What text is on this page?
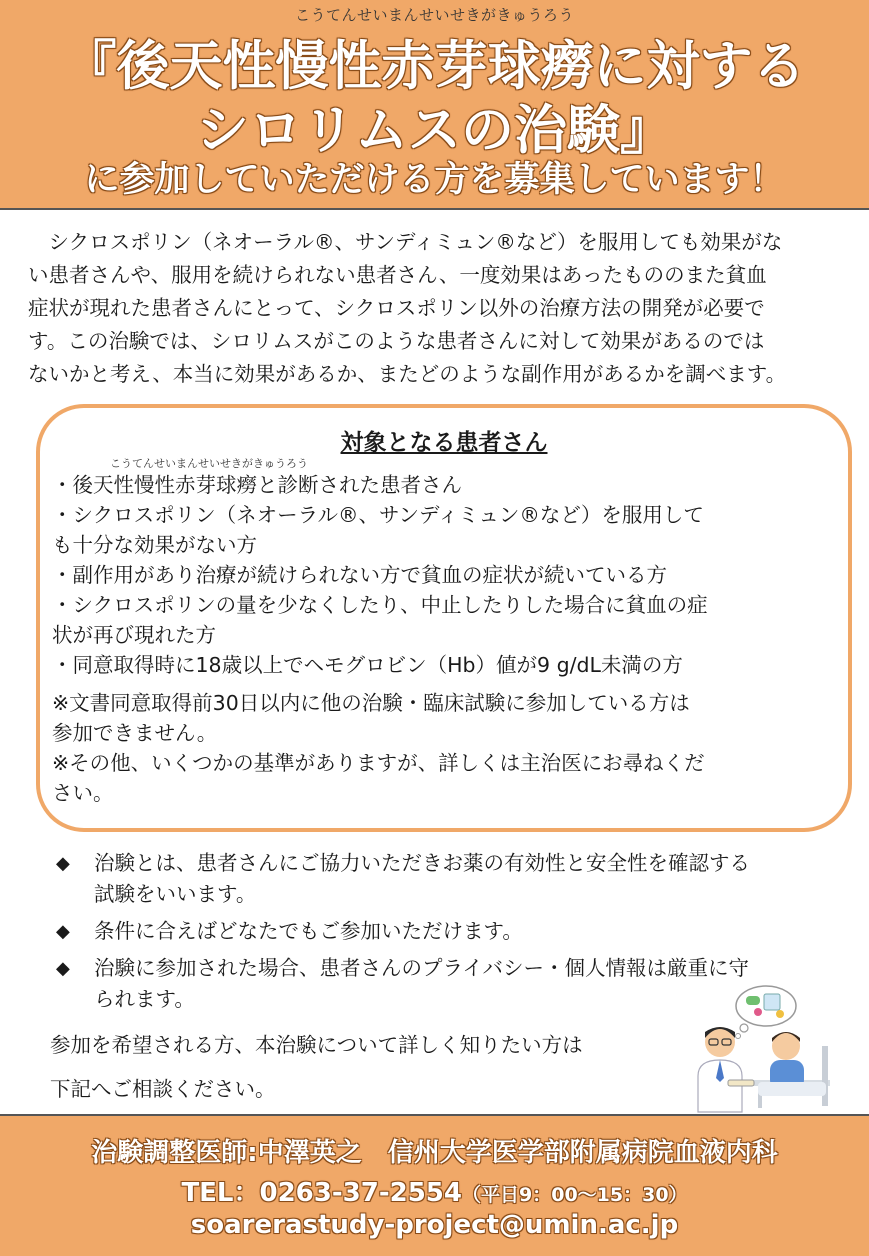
こうてんせいまんせいせきがきゅうろう
『後天性慢性赤芽球癆に対する
シロリムスの治験』
に参加していただける方を募集しています！

　シクロスポリン（ネオーラル®、サンディミュン®など）を服用しても効果がな

い患者さんや、服用を続けられない患者さん、一度効果はあったもののまた貧血

症状が現れた患者さんにとって、シクロスポリン以外の治療方法の開発が必要で

す。この治験では、シロリムスがこのような患者さんに対して効果があるのでは

ないかと考え、本当に効果があるか、またどのような副作用があるかを調べます。

対象となる患者さん
こうてんせいまんせいせきがきゅうろう
・後天性慢性赤芽球癆と診断された患者さん
・シクロスポリン（ネオーラル®、サンディミュン®など）を服用して
も十分な効果がない方
・副作用があり治療が続けられない方で貧血の症状が続いている方
・シクロスポリンの量を少なくしたり、中止したりした場合に貧血の症
状が再び現れた方
・同意取得時に18歳以上でヘモグロビン（Hb）値が9 g/dL未満の方
※文書同意取得前30日以内に他の治験・臨床試験に参加している方は
参加できません。
※その他、いくつかの基準がありますが、詳しくは主治医にお尋ねくだ
さい。
◆	治験とは、患者さんにご協力いただきお薬の有効性と安全性を確認する
試験をいいます。
◆	条件に合えばどなたでもご参加いただけます。
◆	治験に参加された場合、患者さんのプライバシー・個人情報は厳重に守
られます。
参加を希望される方、本治験について詳しく知りたい方は
下記へご相談ください。
治験調整医師:中澤英之　信州大学医学部附属病院血液内科
TEL：0263-37-2554（平日9：00～15：30）
soarerastudy-project@umin.ac.jp
